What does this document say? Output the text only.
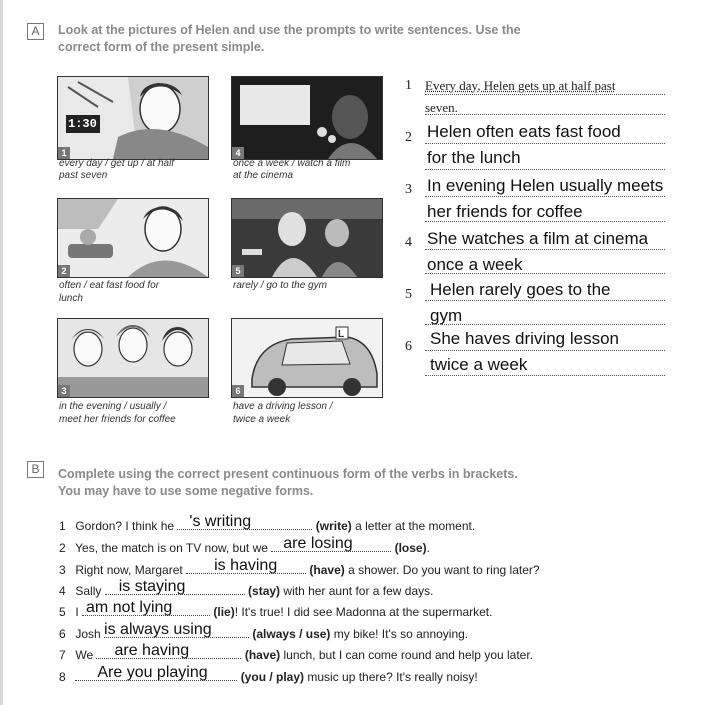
A	Look at the pictures of Helen and use the prompts to write sentences. Use the
correct form of the present simple.
1:30
1
every day / get up / at half
past seven
4
once a week / watch a film
at the cinema
2
often / eat fast food for
lunch
5
rarely / go to the gym
3
in the evening / usually /
meet her friends for coffee
L
6
have a driving lesson /
twice a week
1 Every day, Helen gets up at half past
seven.
2 Helen often eats fast food
for the lunch
3 In evening Helen usually meets
her friends for coffee
4 She watches a film at cinema
once a week
5 Helen rarely goes to the
gym
6 She haves driving lesson
twice a week
B	Complete using the correct present continuous form of the verbs in brackets.
You may have to use some negative forms.
1 Gordon? I think he 's writing	(write) a letter at the moment.
2 Yes, the match is on TV now, but we are losing	(lose).
3 Right now, Margaret is having	(have) a shower. Do you want to ring later?
4 Sally is staying	(stay) with her aunt for a few days.
5 I am not lying	(lie)! It's true! I did see Madonna at the supermarket.
6 Josh is always using	(always / use) my bike! It's so annoying.
7 We are having	(have) lunch, but I can come round and help you later.
8 Are you playing	(you / play) music up there? It's really noisy!
